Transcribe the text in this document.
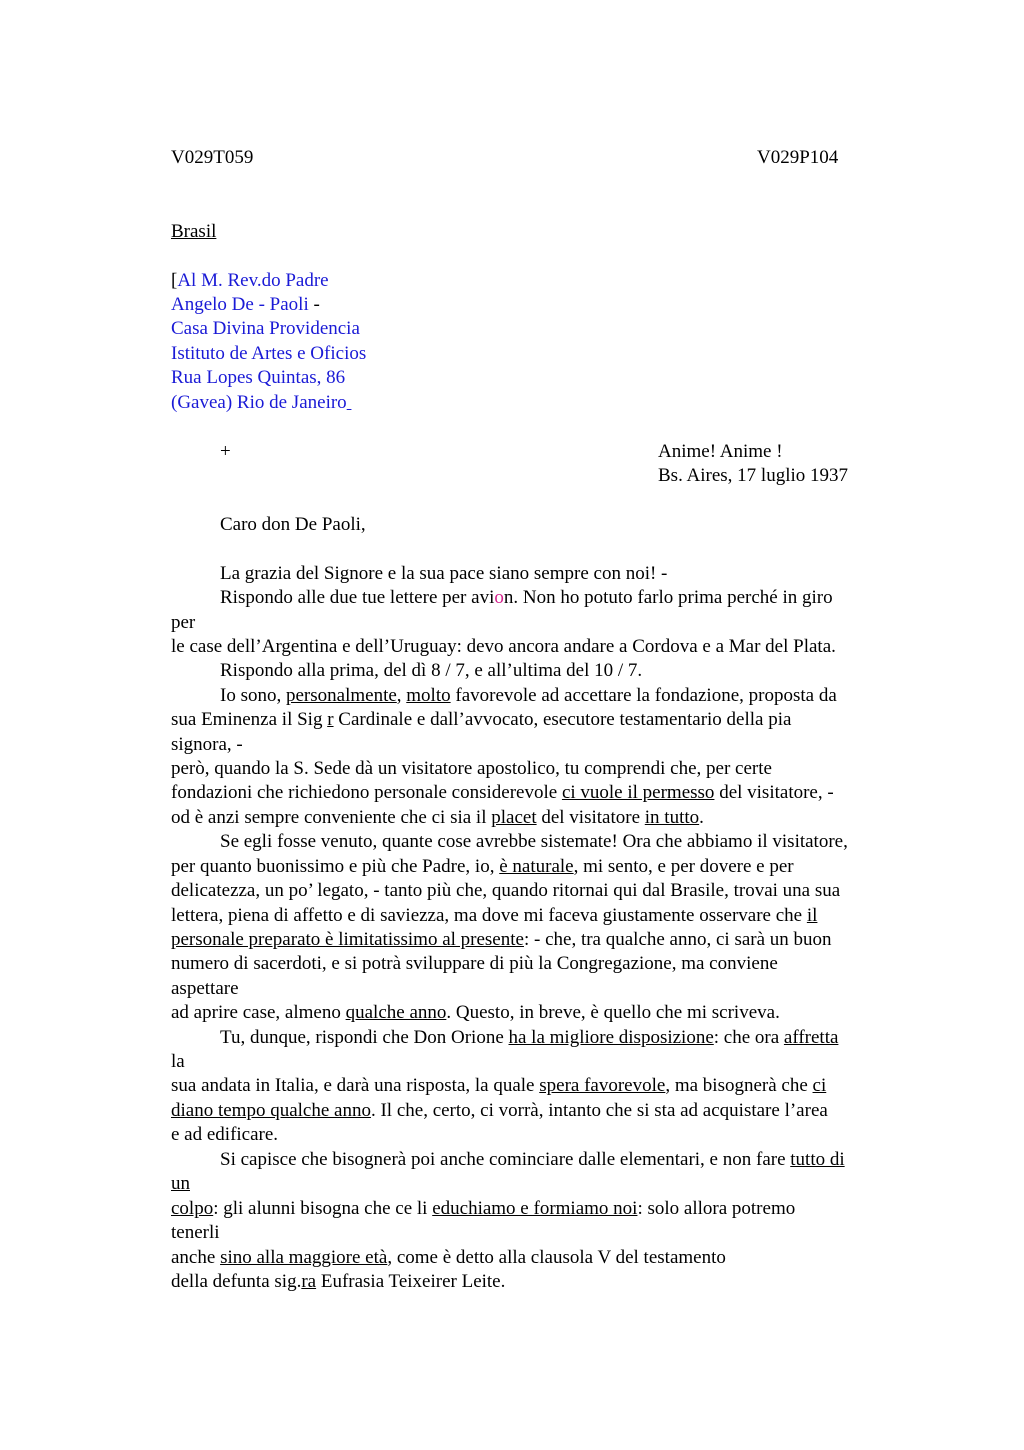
V029T059	V029P104
Brasil
[Al M. Rev.do Padre
Angelo De - Paoli -
Casa Divina Providencia
Istituto de Artes e Oficios
Rua Lopes Quintas, 86
(Gavea) Rio de Janeiro
+	Anime! Anime !
Bs. Aires, 17 luglio 1937
Caro don De Paoli,
La grazia del Signore e la sua pace siano sempre con noi! -
Rispondo alle due tue lettere per avion. Non ho potuto farlo prima perché in giro
per
le case dell’Argentina e dell’Uruguay: devo ancora andare a Cordova e a Mar del Plata.
Rispondo alla prima, del dì 8 / 7, e all’ultima del 10 / 7.
Io sono, personalmente, molto favorevole ad accettare la fondazione, proposta da
sua Eminenza il Sig r Cardinale e dall’avvocato, esecutore testamentario della pia
signora, -
però, quando la S. Sede dà un visitatore apostolico, tu comprendi che, per certe
fondazioni che richiedono personale considerevole ci vuole il permesso del visitatore, -
od è anzi sempre conveniente che ci sia il placet del visitatore in tutto.
Se egli fosse venuto, quante cose avrebbe sistemate! Ora che abbiamo il visitatore,
per quanto buonissimo e più che Padre, io, è naturale, mi sento, e per dovere e per
delicatezza, un po’ legato, - tanto più che, quando ritornai qui dal Brasile, trovai una sua
lettera, piena di affetto e di saviezza, ma dove mi faceva giustamente osservare che il
personale preparato è limitatissimo al presente: - che, tra qualche anno, ci sarà un buon
numero di sacerdoti, e si potrà sviluppare di più la Congregazione, ma conviene
aspettare
ad aprire case, almeno qualche anno. Questo, in breve, è quello che mi scriveva.
Tu, dunque, rispondi che Don Orione ha la migliore disposizione: che ora affretta
la
sua andata in Italia, e darà una risposta, la quale spera favorevole, ma bisognerà che ci
diano tempo qualche anno. Il che, certo, ci vorrà, intanto che si sta ad acquistare l’area
e ad edificare.
Si capisce che bisognerà poi anche cominciare dalle elementari, e non fare tutto di
un
colpo: gli alunni bisogna che ce li educhiamo e formiamo noi: solo allora potremo
tenerli
anche sino alla maggiore età, come è detto alla clausola V del testamento
della defunta sig.ra Eufrasia Teixeirer Leite.
